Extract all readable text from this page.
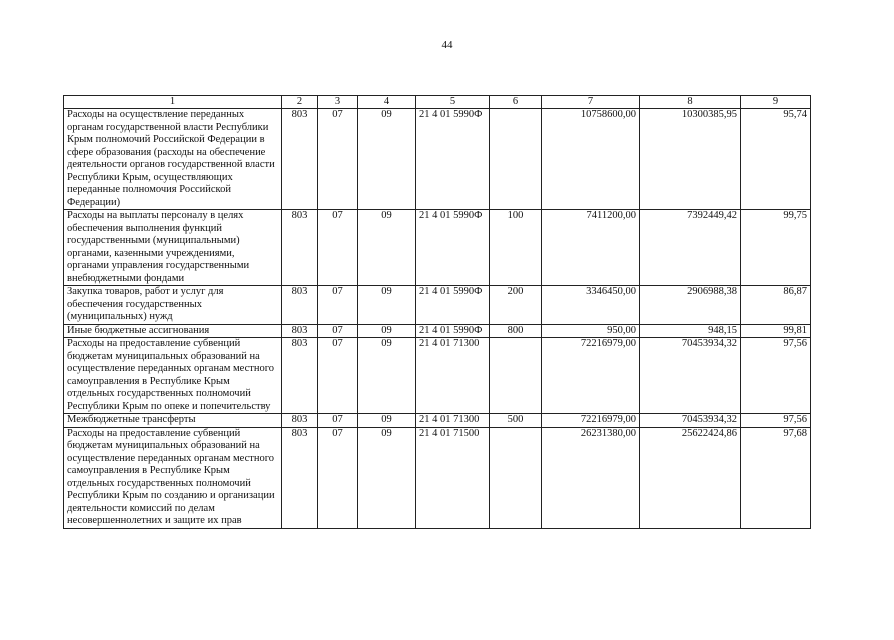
44
1	2	3	4	5	6	7	8	9
Расходы на осуществление переданных органам государственной власти Республики Крым полномочий Российской Федерации в сфере образования (расходы на обеспечение деятельности органов государственной власти Республики Крым, осуществляющих переданные полномочия Российской Федерации)	803	07	09	21 4 01 5990Ф		10758600,00	10300385,95	95,74
Расходы на выплаты персоналу в целях обеспечения выполнения функций государственными (муниципальными) органами, казенными учреждениями, органами управления государственными внебюджетными фондами	803	07	09	21 4 01 5990Ф	100	7411200,00	7392449,42	99,75
Закупка товаров, работ и услуг для обеспечения государственных (муниципальных) нужд	803	07	09	21 4 01 5990Ф	200	3346450,00	2906988,38	86,87
Иные бюджетные ассигнования	803	07	09	21 4 01 5990Ф	800	950,00	948,15	99,81
Расходы на предоставление субвенций бюджетам муниципальных образований на осуществление переданных органам местного самоуправления в Республике Крым отдельных государственных полномочий Республики Крым по опеке и попечительству	803	07	09	21 4 01 71300		72216979,00	70453934,32	97,56
Межбюджетные трансферты	803	07	09	21 4 01 71300	500	72216979,00	70453934,32	97,56
Расходы на предоставление субвенций бюджетам муниципальных образований на осуществление переданных органам местного самоуправления в Республике Крым отдельных государственных полномочий Республики Крым по созданию и организации деятельности комиссий по делам несовершеннолетних и защите их прав	803	07	09	21 4 01 71500		26231380,00	25622424,86	97,68
